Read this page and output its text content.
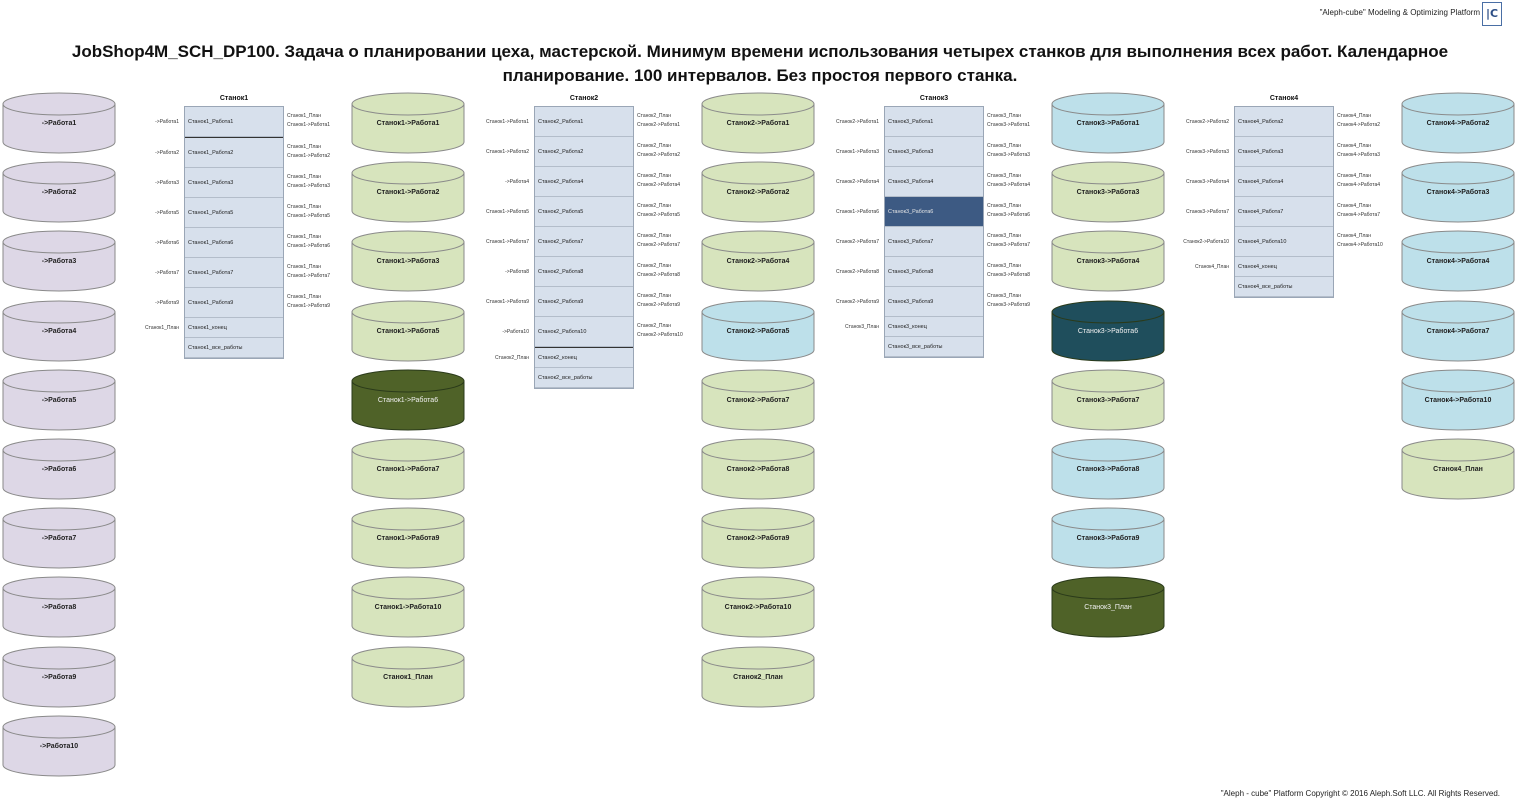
"Aleph-cube" Modeling & Optimizing Platform |C
JobShop4M_SCH_DP100. Задача о планировании цеха, мастерской. Минимум времени использования четырех станков для выполнения всех работ. Календарное
планирование. 100 интервалов. Без простоя первого станка.
->Работа1
->Работа2
->Работа3
->Работа4
->Работа5
->Работа6
->Работа7
->Работа8
->Работа9
->Работа10
Станок1->Работа1
Станок1->Работа2
Станок1->Работа3
Станок1->Работа5
Станок1->Работа6
Станок1->Работа7
Станок1->Работа9
Станок1->Работа10
Станок1_План
Станок2->Работа1
Станок2->Работа2
Станок2->Работа4
Станок2->Работа5
Станок2->Работа7
Станок2->Работа8
Станок2->Работа9
Станок2->Работа10
Станок2_План
Станок3->Работа1
Станок3->Работа3
Станок3->Работа4
Станок3->Работа6
Станок3->Работа7
Станок3->Работа8
Станок3->Работа9
Станок3_План
Станок4->Работа2
Станок4->Работа3
Станок4->Работа4
Станок4->Работа7
Станок4->Работа10
Станок4_План
Станок1
Станок1_Работа1
->Работа1
Станок1_План
Станок1->Работа1
Станок1_Работа2
->Работа2
Станок1_План
Станок1->Работа2
Станок1_Работа3
->Работа3
Станок1_План
Станок1->Работа3
Станок1_Работа5
->Работа5
Станок1_План
Станок1->Работа5
Станок1_Работа6
->Работа6
Станок1_План
Станок1->Работа6
Станок1_Работа7
->Работа7
Станок1_План
Станок1->Работа7
Станок1_Работа9
->Работа9
Станок1_План
Станок1->Работа9
Станок1_конец
Станок1_План
Станок1_все_работы
Станок2
Станок2_Работа1
Станок1->Работа1
Станок2_План
Станок2->Работа1
Станок2_Работа2
Станок1->Работа2
Станок2_План
Станок2->Работа2
Станок2_Работа4
->Работа4
Станок2_План
Станок2->Работа4
Станок2_Работа5
Станок1->Работа5
Станок2_План
Станок2->Работа5
Станок2_Работа7
Станок1->Работа7
Станок2_План
Станок2->Работа7
Станок2_Работа8
->Работа8
Станок2_План
Станок2->Работа8
Станок2_Работа9
Станок1->Работа9
Станок2_План
Станок2->Работа9
Станок2_Работа10
->Работа10
Станок2_План
Станок2->Работа10
Станок2_конец
Станок2_План
Станок2_все_работы
Станок3
Станок3_Работа1
Станок2->Работа1
Станок3_План
Станок3->Работа1
Станок3_Работа3
Станок1->Работа3
Станок3_План
Станок3->Работа3
Станок3_Работа4
Станок2->Работа4
Станок3_План
Станок3->Работа4
Станок3_Работа6
Станок1->Работа6
Станок3_План
Станок3->Работа6
Станок3_Работа7
Станок2->Работа7
Станок3_План
Станок3->Работа7
Станок3_Работа8
Станок2->Работа8
Станок3_План
Станок3->Работа8
Станок3_Работа9
Станок2->Работа9
Станок3_План
Станок3->Работа9
Станок3_конец
Станок3_План
Станок3_все_работы
Станок4
Станок4_Работа2
Станок2->Работа2
Станок4_План
Станок4->Работа2
Станок4_Работа3
Станок3->Работа3
Станок4_План
Станок4->Работа3
Станок4_Работа4
Станок3->Работа4
Станок4_План
Станок4->Работа4
Станок4_Работа7
Станок3->Работа7
Станок4_План
Станок4->Работа7
Станок4_Работа10
Станок2->Работа10
Станок4_План
Станок4->Работа10
Станок4_конец
Станок4_План
Станок4_все_работы
"Aleph - cube" Platform Copyright © 2016 Aleph.Soft LLC. All Rights Reserved.
